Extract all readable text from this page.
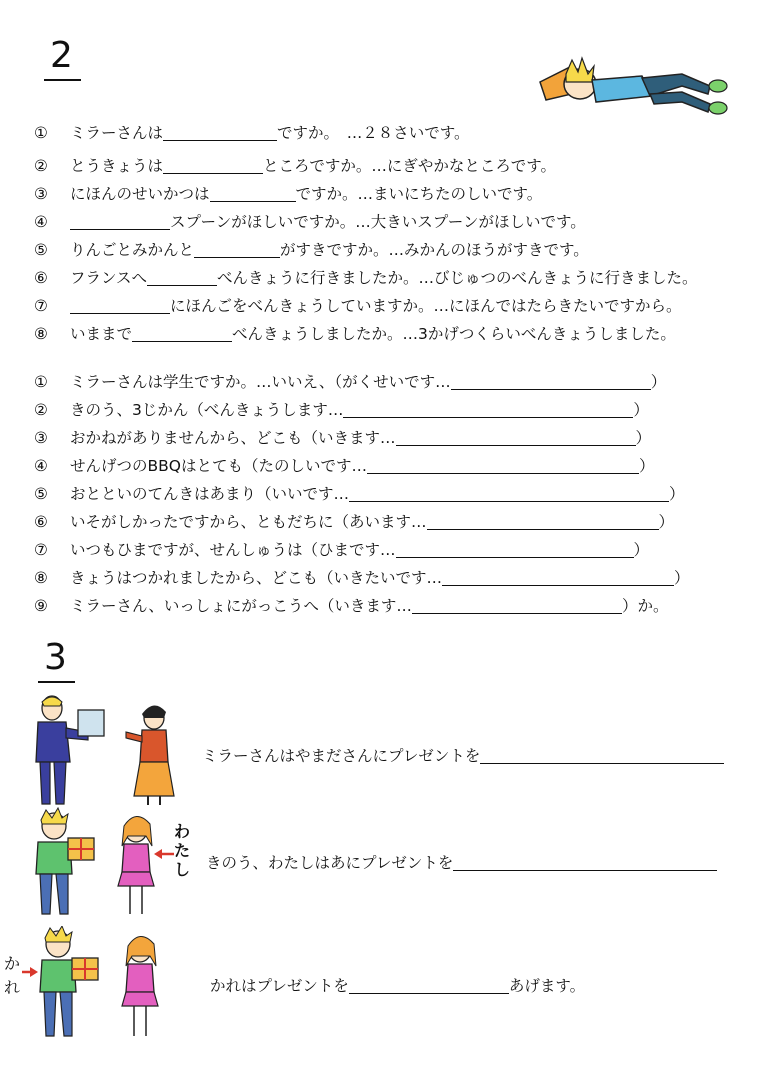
2
①	ミラーさんは	ですか。　…２８さいです。
②	とうきょうは	ところですか。…にぎやかなところです。
③	にほんのせいかつは	ですか。…まいにちたのしいです。
④	スプーンがほしいですか。…大きいスプーンがほしいです。
⑤	りんごとみかんと	がすきですか。…みかんのほうがすきです。
⑥	フランスへ	べんきょうに行きましたか。…びじゅつのべんきょうに行きました。
⑦	にほんごをべんきょうしていますか。…にほんではたらきたいですから。
⑧	いままで	べんきょうしましたか。…3かげつくらいべんきょうしました。
①	ミラーさんは学生ですか。…いいえ、（がくせいです…	）
②	きのう、3じかん（べんきょうします…	）
③	おかねがありませんから、どこも（いきます…	）
④	せんげつのBBQはとても（たのしいです…	）
⑤	おとといのてんきはあまり（いいです…	）
⑥	いそがしかったですから、ともだちに（あいます…	）
⑦	いつもひまですが、せんしゅうは（ひまです…	）
⑧	きょうはつかれましたから、どこも（いきたいです…	）
⑨	ミラーさん、いっしょにがっこうへ（いきます…	）か。
3
ミラーさんはやまださんにプレゼントを
わたし きのう、わたしはあにプレゼントを
かれ	かれはプレゼントを	あげます。
